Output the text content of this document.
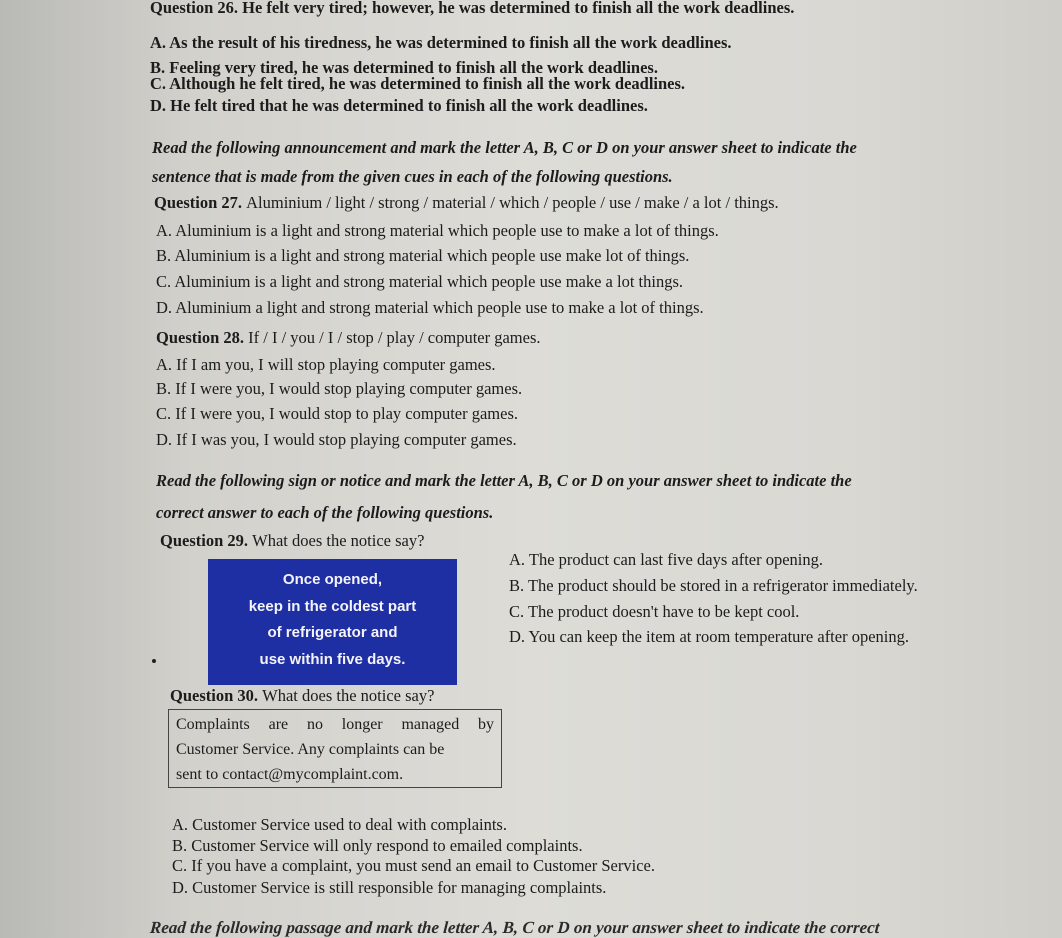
Question 26. He felt very tired; however, he was determined to finish all the work deadlines.
A. As the result of his tiredness, he was determined to finish all the work deadlines.
B. Feeling very tired, he was determined to finish all the work deadlines.
C. Although he felt tired, he was determined to finish all the work deadlines.
D. He felt tired that he was determined to finish all the work deadlines.
Read the following announcement and mark the letter A, B, C or D on your answer sheet to indicate the
sentence that is made from the given cues in each of the following questions.
Question 27. Aluminium / light / strong / material / which / people / use / make / a lot / things.
A. Aluminium is a light and strong material which people use to make a lot of things.
B. Aluminium is a light and strong material which people use make lot of things.
C. Aluminium is a light and strong material which people use make a lot things.
D. Aluminium a light and strong material which people use to make a lot of things.
Question 28. If / I / you / I / stop / play / computer games.
A. If I am you, I will stop playing computer games.
B. If I were you, I would stop playing computer games.
C. If I were you, I would stop to play computer games.
D. If I was you, I would stop playing computer games.
Read the following sign or notice and mark the letter A, B, C or D on your answer sheet to indicate the
correct answer to each of the following questions.
Question 29. What does the notice say?
Once opened,
keep in the coldest part
of refrigerator and
use within five days.
A. The product can last five days after opening.
B. The product should be stored in a refrigerator immediately.
C. The product doesn't have to be kept cool.
D. You can keep the item at room temperature after opening.
Question 30. What does the notice say?
Complaints are no longer managed by
Customer Service. Any complaints can be
sent to contact@mycomplaint.com.
A. Customer Service used to deal with complaints.
B. Customer Service will only respond to emailed complaints.
C. If you have a complaint, you must send an email to Customer Service.
D. Customer Service is still responsible for managing complaints.
Read the following passage and mark the letter A, B, C or D on your answer sheet to indicate the correct
